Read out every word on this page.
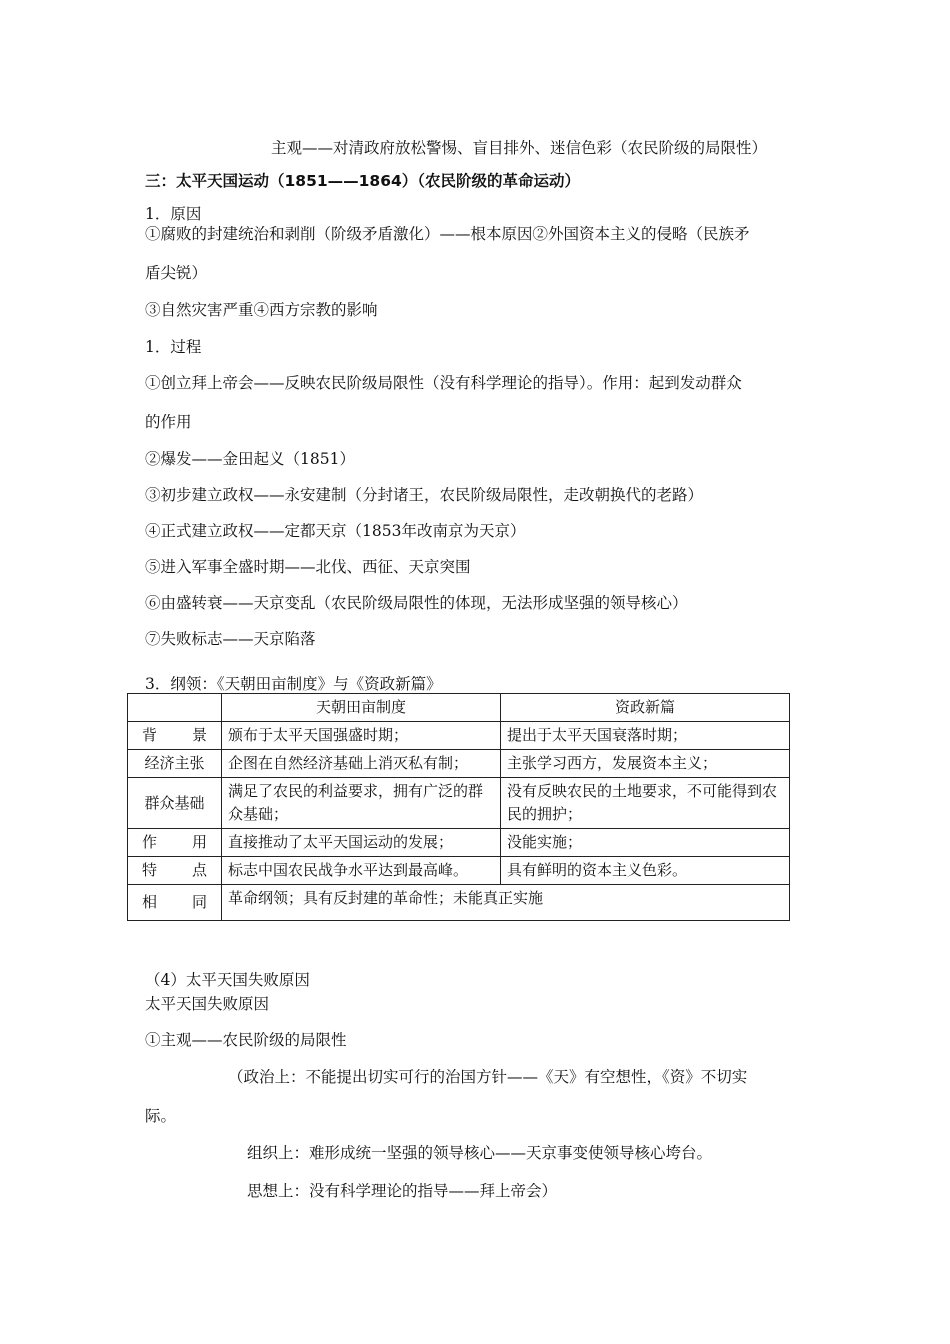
主观——对清政府放松警惕、盲目排外、迷信色彩（农民阶级的局限性）
三：太平天国运动（1851——1864）（农民阶级的革命运动）
1．原因
①腐败的封建统治和剥削（阶级矛盾激化）——根本原因②外国资本主义的侵略（民族矛
盾尖锐）
③自然灾害严重④西方宗教的影响
1．过程
①创立拜上帝会——反映农民阶级局限性（没有科学理论的指导）。作用：起到发动群众
的作用
②爆发——金田起义（1851）
③初步建立政权——永安建制（分封诸王，农民阶级局限性，走改朝换代的老路）
④正式建立政权——定都天京（1853年改南京为天京）
⑤进入军事全盛时期——北伐、西征、天京突围
⑥由盛转衰——天京变乱（农民阶级局限性的体现，无法形成坚强的领导核心）
⑦失败标志——天京陷落
3．纲领：《天朝田亩制度》与《资政新篇》
	天朝田亩制度	资政新篇

背 景	颁布于太平天国强盛时期；	提出于太平天国衰落时期；
经济主张	企图在自然经济基础上消灭私有制；	主张学习西方，发展资本主义；
群众基础	满足了农民的利益要求，拥有广泛的群众基础；	没有反映农民的土地要求，不可能得到农民的拥护；

作 用	直接推动了太平天国运动的发展；	没能实施；

特 点	标志中国农民战争水平达到最高峰。	具有鲜明的资本主义色彩。

相 同	革命纲领；具有反封建的革命性；未能真正实施	
（4）太平天国失败原因
太平天国失败原因
①主观——农民阶级的局限性
（政治上：不能提出切实可行的治国方针——《天》有空想性，《资》不切实
际。
组织上：难形成统一坚强的领导核心——天京事变使领导核心垮台。
思想上：没有科学理论的指导——拜上帝会）
